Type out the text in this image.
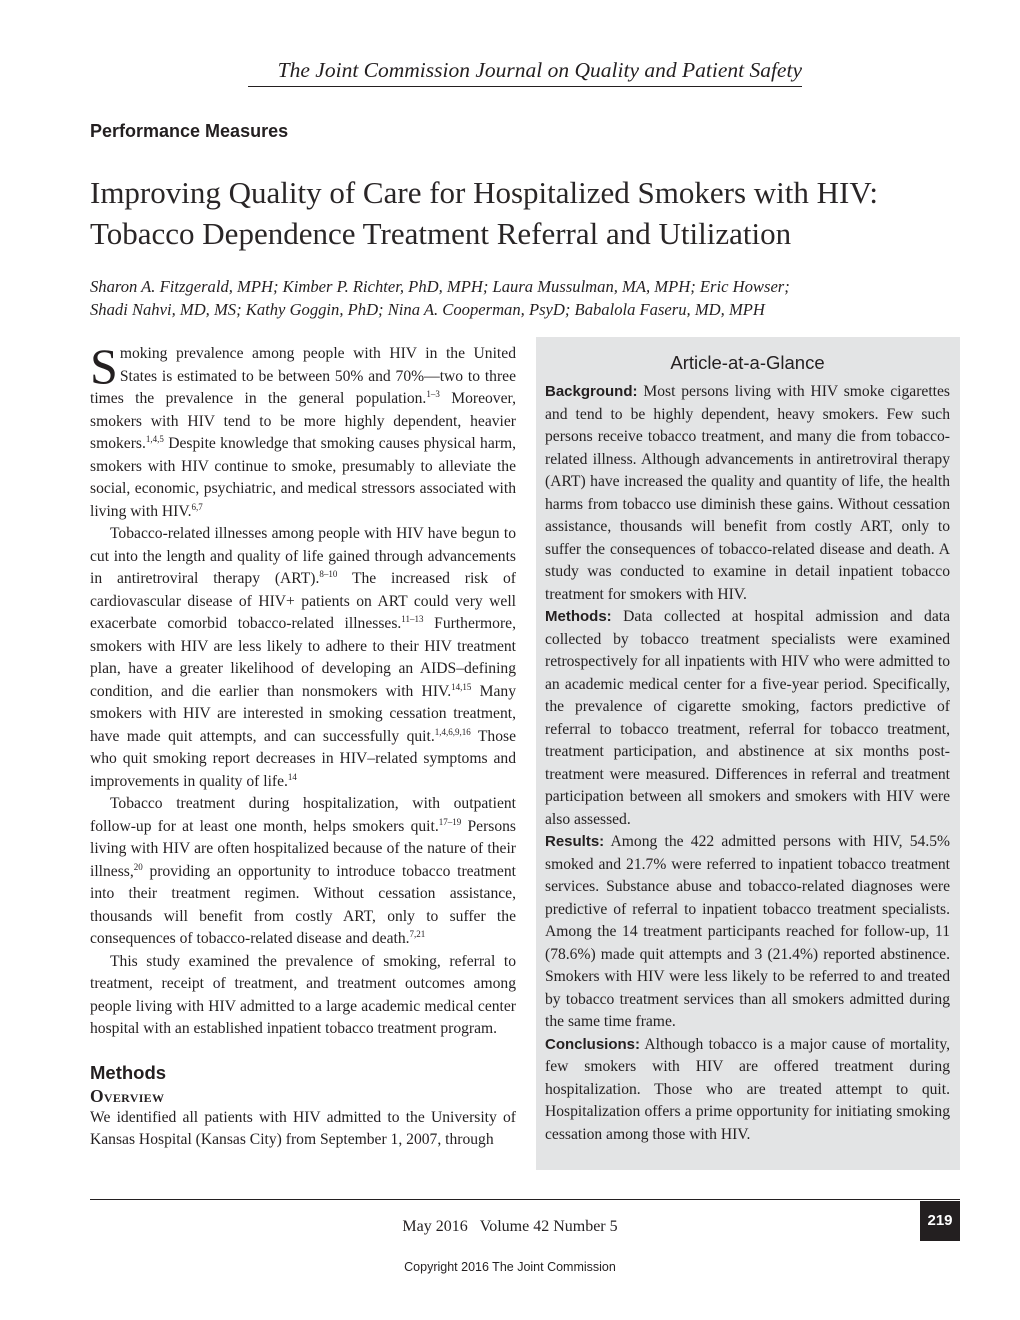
The Joint Commission Journal on Quality and Patient Safety
Performance Measures
Improving Quality of Care for Hospitalized Smokers with HIV:
Tobacco Dependence Treatment Referral and Utilization
Sharon A. Fitzgerald, MPH; Kimber P. Richter, PhD, MPH; Laura Mussulman, MA, MPH; Eric Howser;
Shadi Nahvi, MD, MS; Kathy Goggin, PhD; Nina A. Cooperman, PsyD; Babalola Faseru, MD, MPH

Smoking prevalence among people with HIV in the United States is estimated to be between 50% and 70%—two to three times the prevalence in the general population.$^{1-3}$ Moreover, smokers with HIV tend to be more highly dependent, heavier smokers.$^{1,4,5}$ Despite knowledge that smoking causes physical harm, smokers with HIV continue to smoke, presumably to alleviate the social, economic, psychiatric, and medical stressors associated with living with HIV.$^{6,7}$

Tobacco-related illnesses among people with HIV have begun to cut into the length and quality of life gained through advancements in antiretroviral therapy (ART).$^{8-10}$ The increased risk of cardiovascular disease of HIV+ patients on ART could very well exacerbate comorbid tobacco-related illnesses.$^{11-13}$ Furthermore, smokers with HIV are less likely to adhere to their HIV treatment plan, have a greater likelihood of developing an AIDS–defining condition, and die earlier than nonsmokers with HIV.$^{14,15}$ Many smokers with HIV are interested in smoking cessation treatment, have made quit attempts, and can successfully quit.$^{1,4,6,9,16}$ Those who quit smoking report decreases in HIV–related symptoms and improvements in quality of life.$^{14}$

Tobacco treatment during hospitalization, with outpatient follow-up for at least one month, helps smokers quit.$^{17-19}$ Persons living with HIV are often hospitalized because of the nature of their illness,$^{20}$ providing an opportunity to introduce tobacco treatment into their treatment regimen. Without cessation assistance, thousands will benefit from costly ART, only to suffer the consequences of tobacco-related disease and death.$^{7,21}$

This study examined the prevalence of smoking, referral to treatment, receipt of treatment, and treatment outcomes among people living with HIV admitted to a large academic medical center hospital with an established inpatient tobacco treatment program.

Methods
Overview

We identified all patients with HIV admitted to the University of Kansas Hospital (Kansas City) from September 1, 2007, through

Article-at-a-Glance

Background: Most persons living with HIV smoke cigarettes and tend to be highly dependent, heavy smokers. Few such persons receive tobacco treatment, and many die from tobacco-related illness. Although advancements in antiretroviral therapy (ART) have increased the quality and quantity of life, the health harms from tobacco use diminish these gains. Without cessation assistance, thousands will benefit from costly ART, only to suffer the consequences of tobacco-related disease and death. A study was conducted to examine in detail inpatient tobacco treatment for smokers with HIV.

Methods: Data collected at hospital admission and data collected by tobacco treatment specialists were examined retrospectively for all inpatients with HIV who were admitted to an academic medical center for a five-year period. Specifically, the prevalence of cigarette smoking, factors predictive of referral to tobacco treatment, referral for tobacco treatment, treatment participation, and abstinence at six months post-treatment were measured. Differences in referral and treatment participation between all smokers and smokers with HIV were also assessed.

Results: Among the 422 admitted persons with HIV, 54.5% smoked and 21.7% were referred to inpatient tobacco treatment services. Substance abuse and tobacco-related diagnoses were predictive of referral to inpatient tobacco treatment specialists. Among the 14 treatment participants reached for follow-up, 11 (78.6%) made quit attempts and 3 (21.4%) reported abstinence. Smokers with HIV were less likely to be referred to and treated by tobacco treatment services than all smokers admitted during the same time frame.

Conclusions: Although tobacco is a major cause of mortality, few smokers with HIV are offered treatment during hospitalization. Those who are treated attempt to quit. Hospitalization offers a prime opportunity for initiating smoking cessation among those with HIV.

May 2016 Volume 42 Number 5	219
Copyright 2016 The Joint Commission
